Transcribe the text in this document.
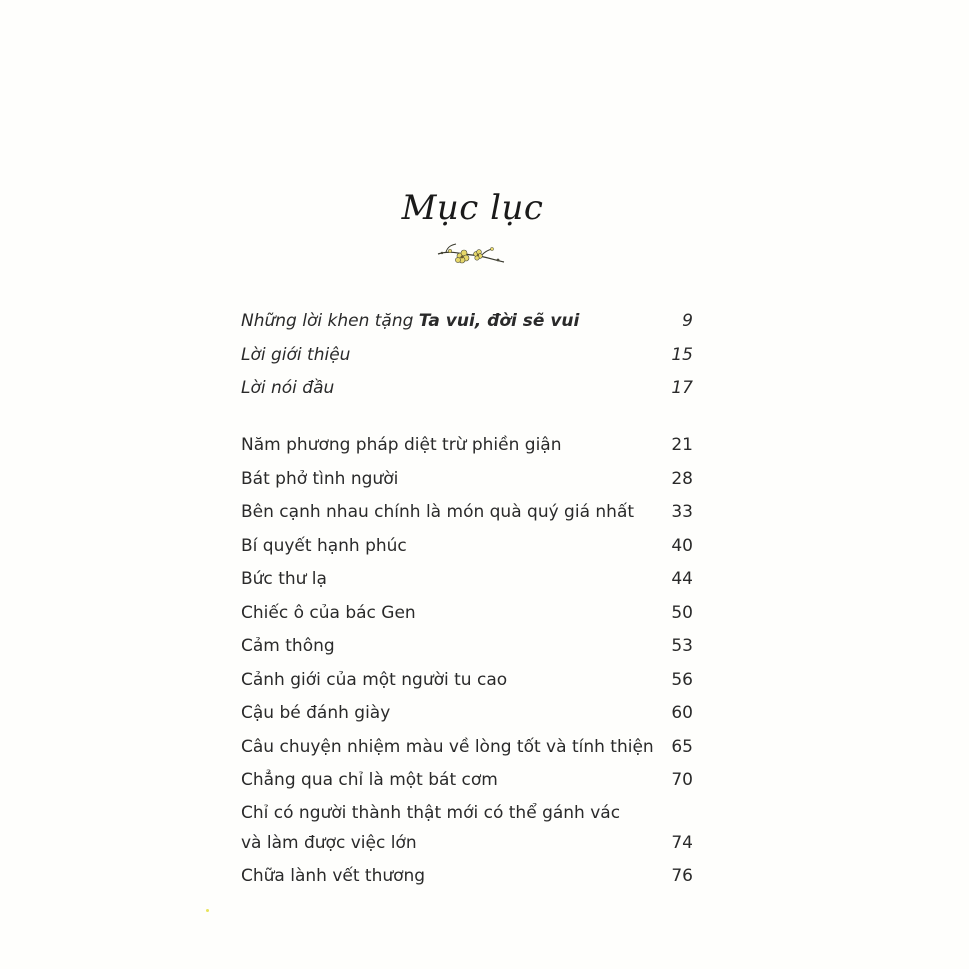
Mục lục
Những lời khen tặng Ta vui, đời sẽ vui	9
Lời giới thiệu	15
Lời nói đầu	17
Năm phương pháp diệt trừ phiền giận	21
Bát phở tình người	28
Bên cạnh nhau chính là món quà quý giá nhất 33
Bí quyết hạnh phúc	40
Bức thư lạ	44
Chiếc ô của bác Gen	50
Cảm thông	53
Cảnh giới của một người tu cao	56
Cậu bé đánh giày	60
Câu chuyện nhiệm màu về lòng tốt và tính thiện 65
Chẳng qua chỉ là một bát cơm	70
Chỉ có người thành thật mới có thể gánh vác và làm được việc lớn	74
Chữa lành vết thương	76
